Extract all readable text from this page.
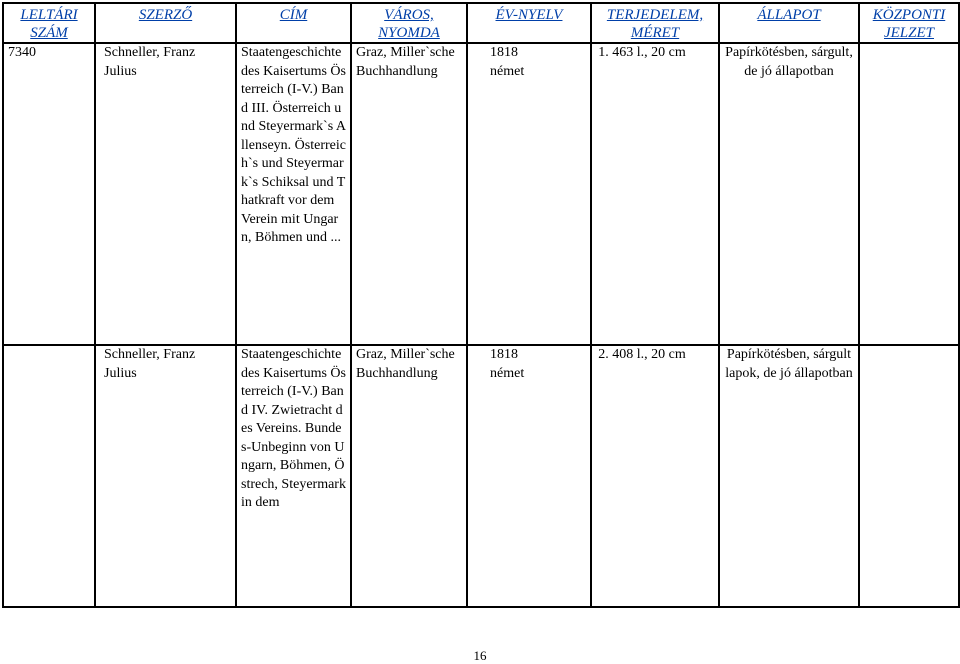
LELTÁRI SZÁM	SZERZŐ	CÍM	VÁROS, NYOMDA	ÉV-NYELV	TERJEDELEM, MÉRET	ÁLLAPOT	KÖZPONTI JELZET
7340	Schneller, Franz Julius	Staatengeschichte des Kaisertums Österreich (I-V.) Band III. Österreich und Steyermark`s Allenseyn. Österreich`s und Steyermark`s Schiksal und Thatkraft vor dem Verein mit Ungarn, Böhmen und ...	Graz, Miller`sche Buchhandlung	1818 német	1. 463 l., 20 cm	Papírkötésben, sárgult, de jó állapotban	
	Schneller, Franz Julius	Staatengeschichte des Kaisertums Österreich (I-V.) Band IV. Zwietracht des Vereins. Bundes-Unbeginn von Ungarn, Böhmen, Östrech, Steyermark in dem	Graz, Miller`sche Buchhandlung	1818 német	2. 408 l., 20 cm	Papírkötésben, sárgult lapok, de jó állapotban	
16
